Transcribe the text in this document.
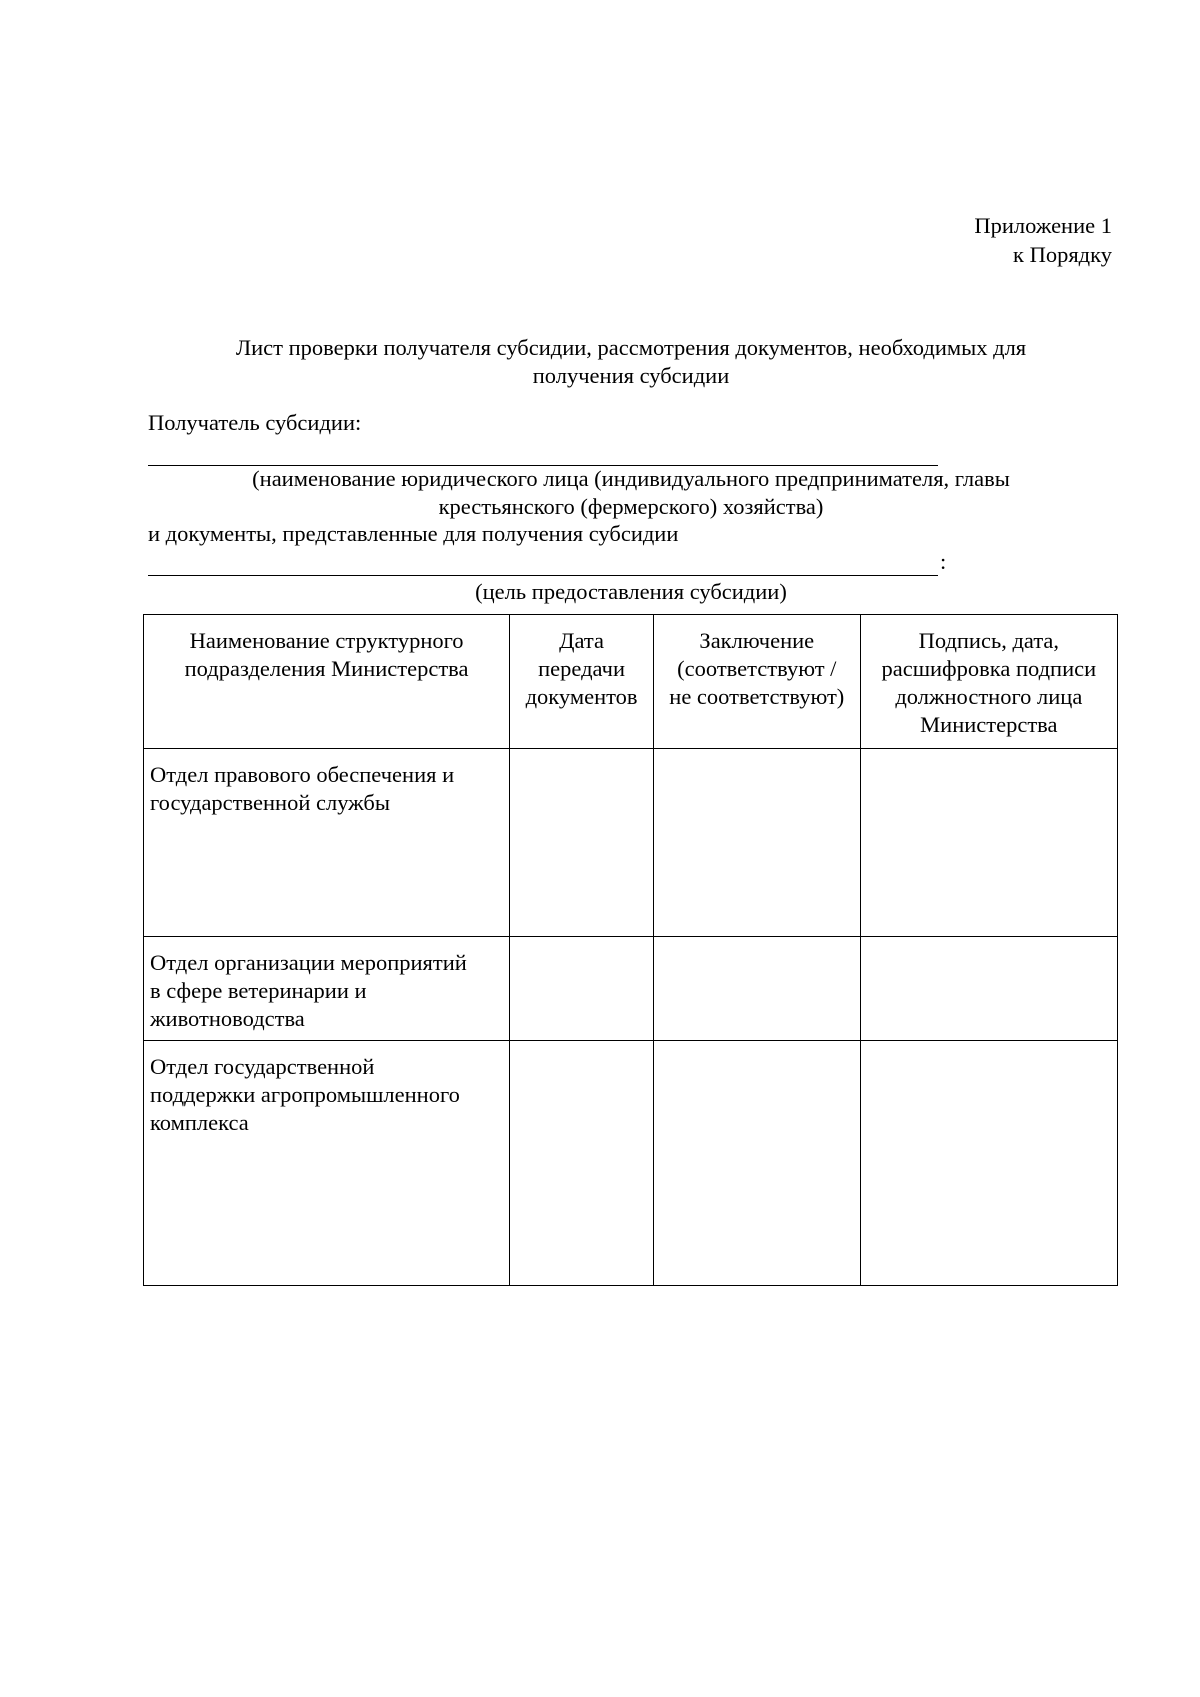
Приложение 1
к Порядку
Лист проверки получателя субсидии, рассмотрения документов, необходимых для
получения субсидии
Получатель субсидии:
(наименование юридического лица (индивидуального предпринимателя, главы
крестьянского (фермерского) хозяйства)
и документы, представленные для получения субсидии
:
(цель предоставления субсидии)
Наименование структурного
подразделения Министерства	Дата
передачи
документов	Заключение
(соответствуют /
не соответствуют)	Подпись, дата,
расшифровка подписи
должностного лица
Министерства

Отдел правового обеспечения и
государственной службы			

Отдел организации мероприятий
в сфере ветеринарии и
животноводства			

Отдел государственной
поддержки агропромышленного
комплекса			
